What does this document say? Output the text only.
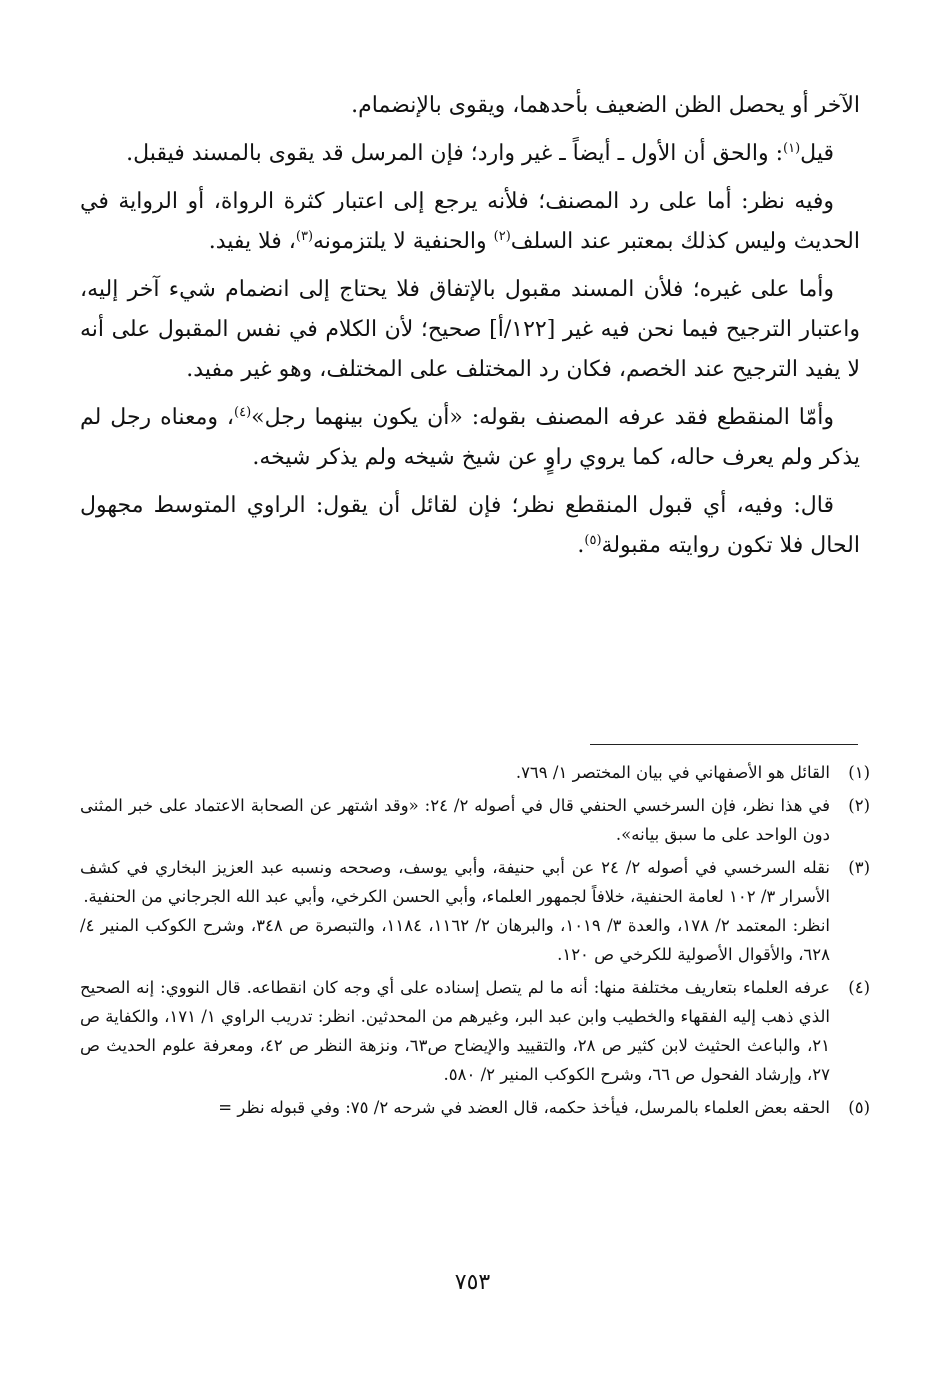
الآخر أو يحصل الظن الضعيف بأحدهما، ويقوى بالإنضمام.

قيل$^{(١)}$: والحق أن الأول ـ أيضاً ـ غير وارد؛ فإن المرسل قد يقوى بالمسند فيقبل.

وفيه نظر: أما على رد المصنف؛ فلأنه يرجع إلى اعتبار كثرة الرواة، أو الرواية في الحديث وليس كذلك بمعتبر عند السلف$^{(٢)}$ والحنفية لا يلتزمونه$^{(٣)}$، فلا يفيد.

وأما على غيره؛ فلأن المسند مقبول بالإتفاق فلا يحتاج إلى انضمام شيء آخر إليه، واعتبار الترجيح فيما نحن فيه غير [١٢٢/أ] صحيح؛ لأن الكلام في نفس المقبول على أنه لا يفيد الترجيح عند الخصم، فكان رد المختلف على المختلف، وهو غير مفيد.

وأمّا المنقطع فقد عرفه المصنف بقوله: «أن يكون بينهما رجل»$^{(٤)}$، ومعناه رجل لم يذكر ولم يعرف حاله، كما يروي راوٍ عن شيخ شيخه ولم يذكر شيخه.

قال: وفيه، أي قبول المنقطع نظر؛ فإن لقائل أن يقول: الراوي المتوسط مجهول الحال فلا تكون روايته مقبولة$^{(٥)}$.

(١)

القائل هو الأصفهاني في بيان المختصر ١/ ٧٦٩.

(٢)

في هذا نظر، فإن السرخسي الحنفي قال في أصوله ٢/ ٢٤: «وقد اشتهر عن الصحابة الاعتماد على خبر المثنى دون الواحد على ما سبق بيانه».

(٣)

نقله السرخسي في أصوله ٢/ ٢٤ عن أبي حنيفة، وأبي يوسف، وصححه ونسبه عبد العزيز البخاري في كشف الأسرار ٣/ ١٠٢ لعامة الحنفية، خلافاً لجمهور العلماء، وأبي الحسن الكرخي، وأبي عبد الله الجرجاني من الحنفية.

انظر: المعتمد ٢/ ١٧٨، والعدة ٣/ ١٠١٩، والبرهان ٢/ ١١٦٢، ١١٨٤، والتبصرة ص ٣٤٨، وشرح الكوكب المنير ٤/ ٦٢٨، والأقوال الأصولية للكرخي ص ١٢٠.

(٤)

عرفه العلماء بتعاريف مختلفة منها: أنه ما لم يتصل إسناده على أي وجه كان انقطاعه. قال النووي: إنه الصحيح الذي ذهب إليه الفقهاء والخطيب وابن عبد البر، وغيرهم من المحدثين. انظر: تدريب الراوي ١/ ١٧١، والكفاية ص ٢١، والباعث الحثيث لابن كثير ص ٢٨، والتقييد والإيضاح ص٦٣، ونزهة النظر ص ٤٢، ومعرفة علوم الحديث ص ٢٧، وإرشاد الفحول ص ٦٦، وشرح الكوكب المنير ٢/ ٥٨٠.

(٥)

الحقه بعض العلماء بالمرسل، فيأخذ حكمه، قال العضد في شرحه ٢/ ٧٥: وفي قبوله نظر =

٧٥٣
